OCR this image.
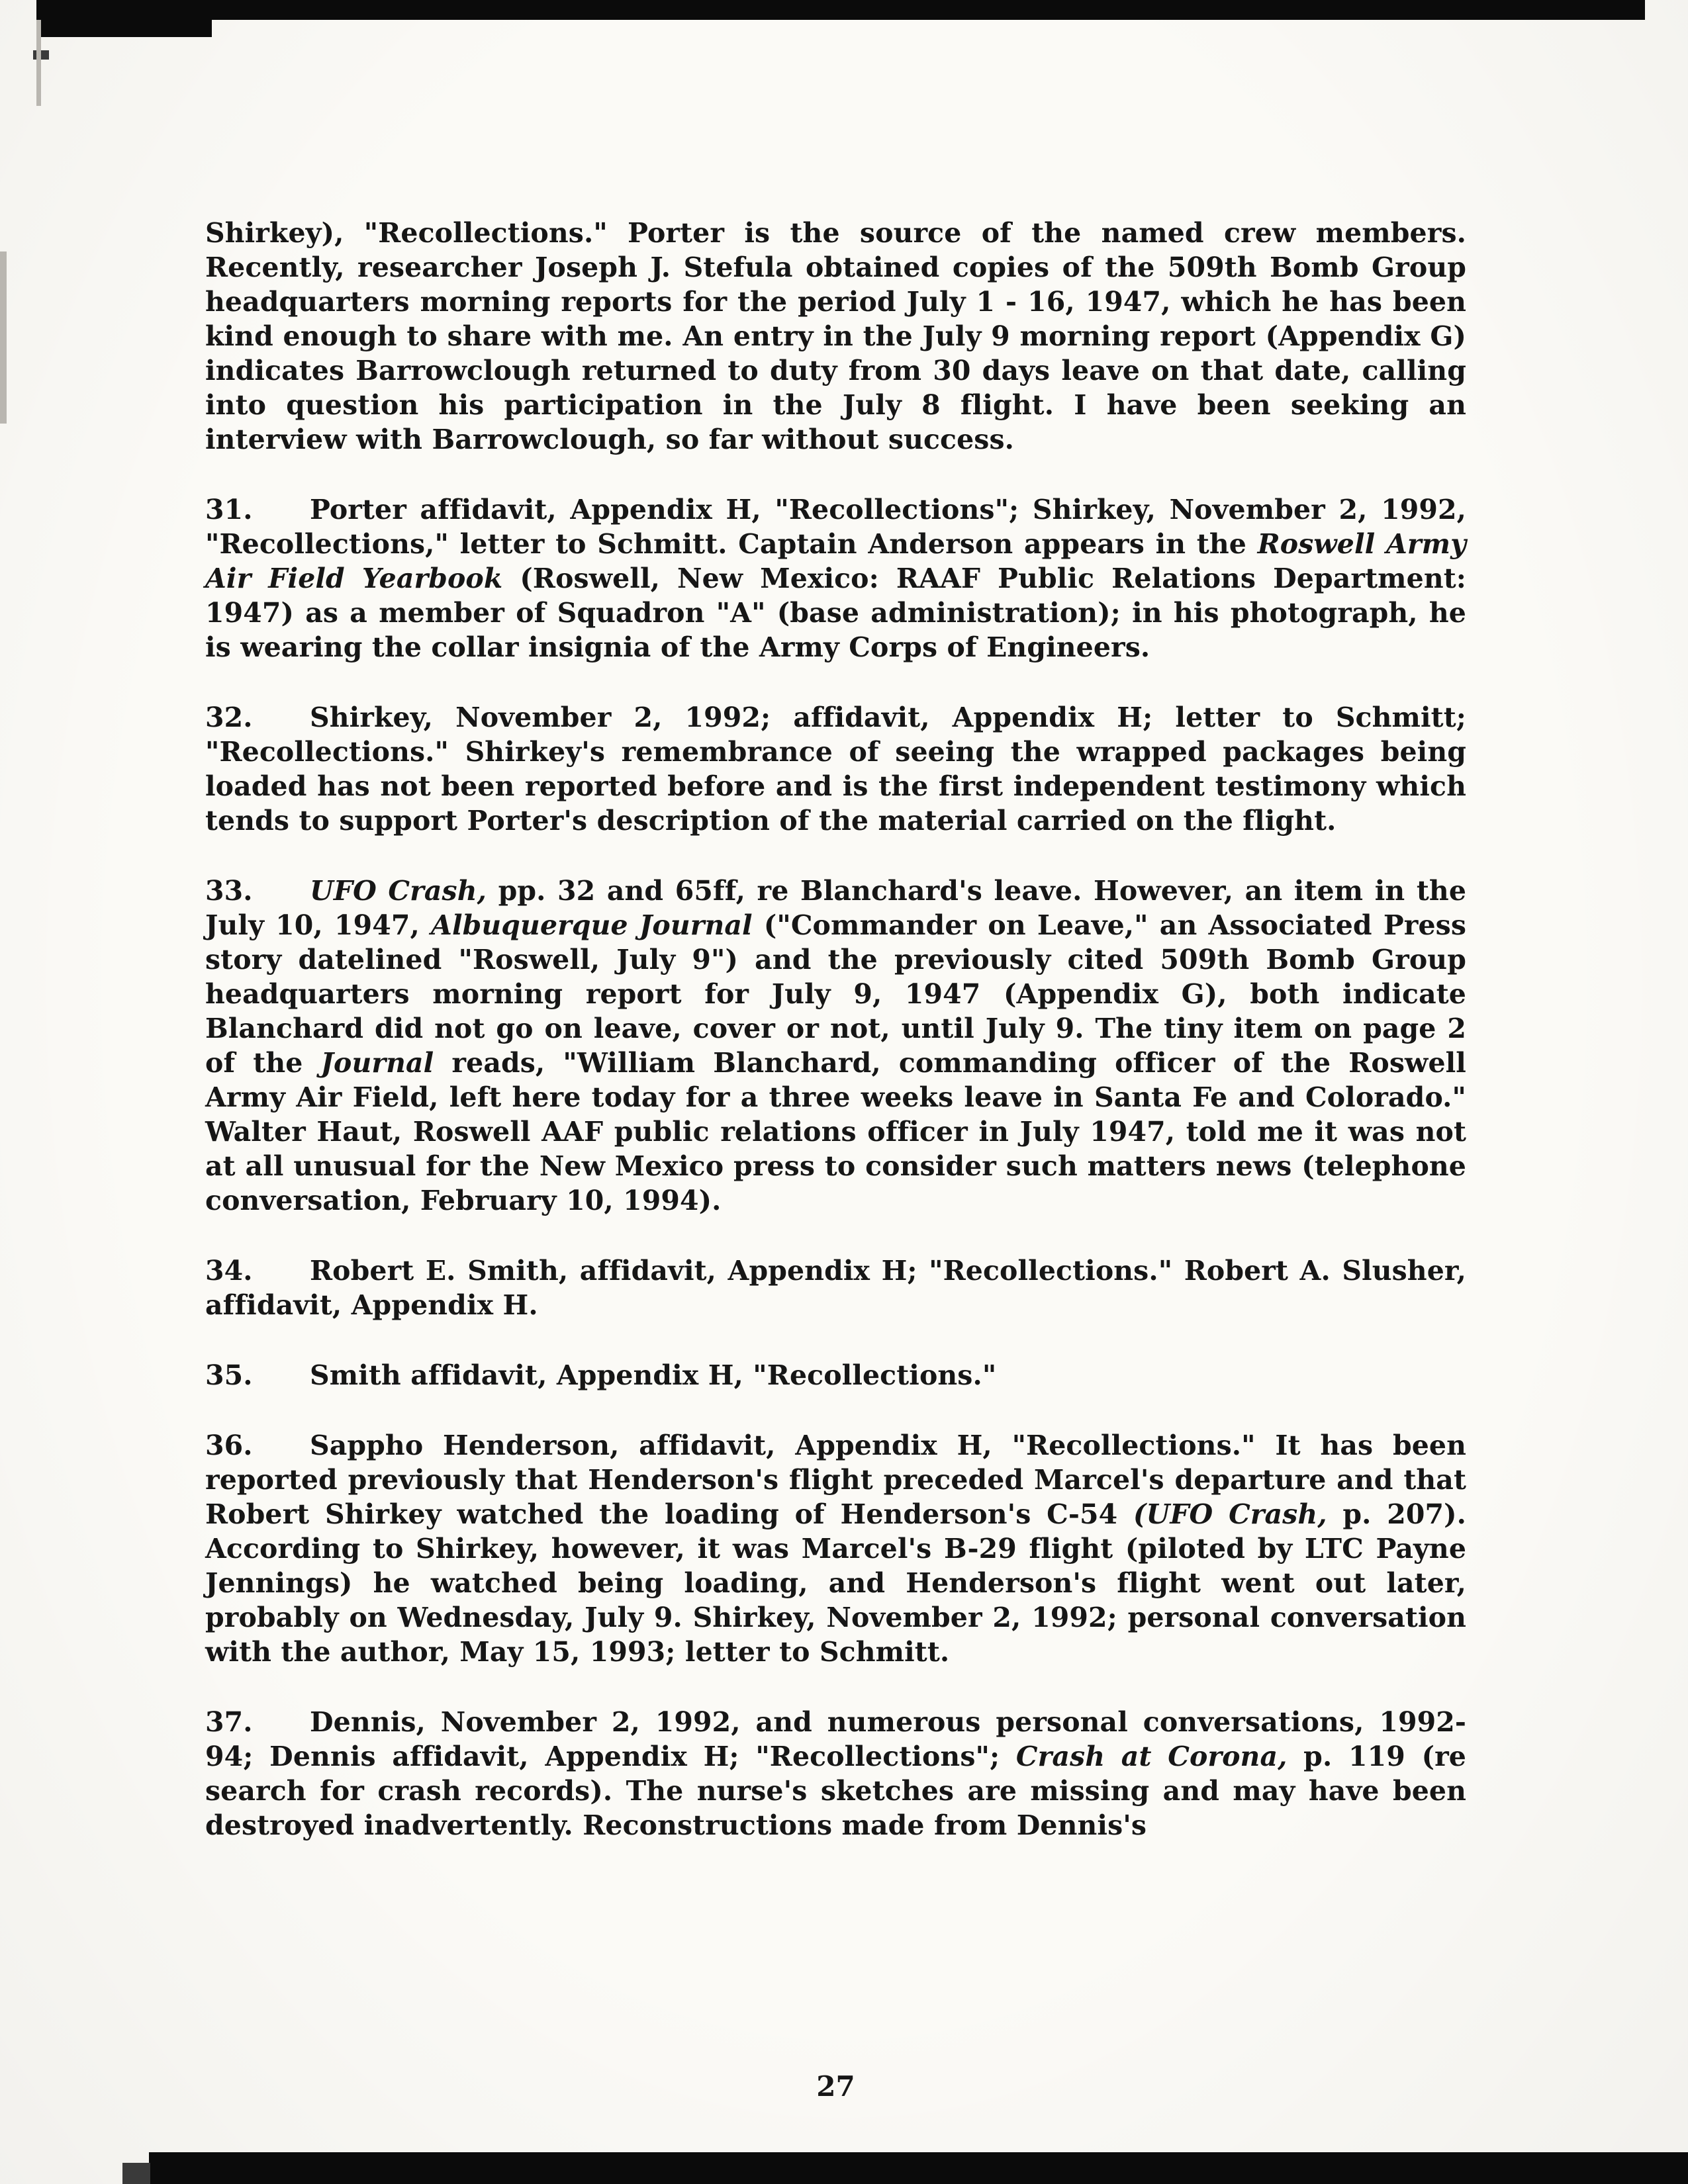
Shirkey), "Recollections." Porter is the source of the named crew members. Recently, researcher Joseph J. Stefula obtained copies of the 509th Bomb Group headquarters morning reports for the period July 1 - 16, 1947, which he has been kind enough to share with me. An entry in the July 9 morning report (Appendix G) indicates Barrowclough returned to duty from 30 days leave on that date, calling into question his participation in the July 8 flight. I have been seeking an interview with Barrowclough, so far without success.
31. Porter affidavit, Appendix H, "Recollections"; Shirkey, November 2, 1992, "Recollections," letter to Schmitt. Captain Anderson appears in the Roswell Army Air Field Yearbook (Roswell, New Mexico: RAAF Public Relations Department: 1947) as a member of Squadron "A" (base administration); in his photograph, he is wearing the collar insignia of the Army Corps of Engineers.
32. Shirkey, November 2, 1992; affidavit, Appendix H; letter to Schmitt; "Recollections." Shirkey's remembrance of seeing the wrapped packages being loaded has not been reported before and is the first independent testimony which tends to support Porter's description of the material carried on the flight.
33. UFO Crash, pp. 32 and 65ff, re Blanchard's leave. However, an item in the July 10, 1947, Albuquerque Journal ("Commander on Leave," an Associated Press story datelined "Roswell, July 9") and the previously cited 509th Bomb Group headquarters morning report for July 9, 1947 (Appendix G), both indicate Blanchard did not go on leave, cover or not, until July 9. The tiny item on page 2 of the Journal reads, "William Blanchard, commanding officer of the Roswell Army Air Field, left here today for a three weeks leave in Santa Fe and Colorado." Walter Haut, Roswell AAF public relations officer in July 1947, told me it was not at all unusual for the New Mexico press to consider such matters news (telephone conversation, February 10, 1994).
34. Robert E. Smith, affidavit, Appendix H; "Recollections." Robert A. Slusher, affidavit, Appendix H.
35. Smith affidavit, Appendix H, "Recollections."
36. Sappho Henderson, affidavit, Appendix H, "Recollections." It has been reported previously that Henderson's flight preceded Marcel's departure and that Robert Shirkey watched the loading of Henderson's C-54 (UFO Crash, p. 207). According to Shirkey, however, it was Marcel's B-29 flight (piloted by LTC Payne Jennings) he watched being loading, and Henderson's flight went out later, probably on Wednesday, July 9. Shirkey, November 2, 1992; personal conversation with the author, May 15, 1993; letter to Schmitt.
37. Dennis, November 2, 1992, and numerous personal conversations, 1992-94; Dennis affidavit, Appendix H; "Recollections"; Crash at Corona, p. 119 (re search for crash records). The nurse's sketches are missing and may have been destroyed inadvertently. Reconstructions made from Dennis's
27
